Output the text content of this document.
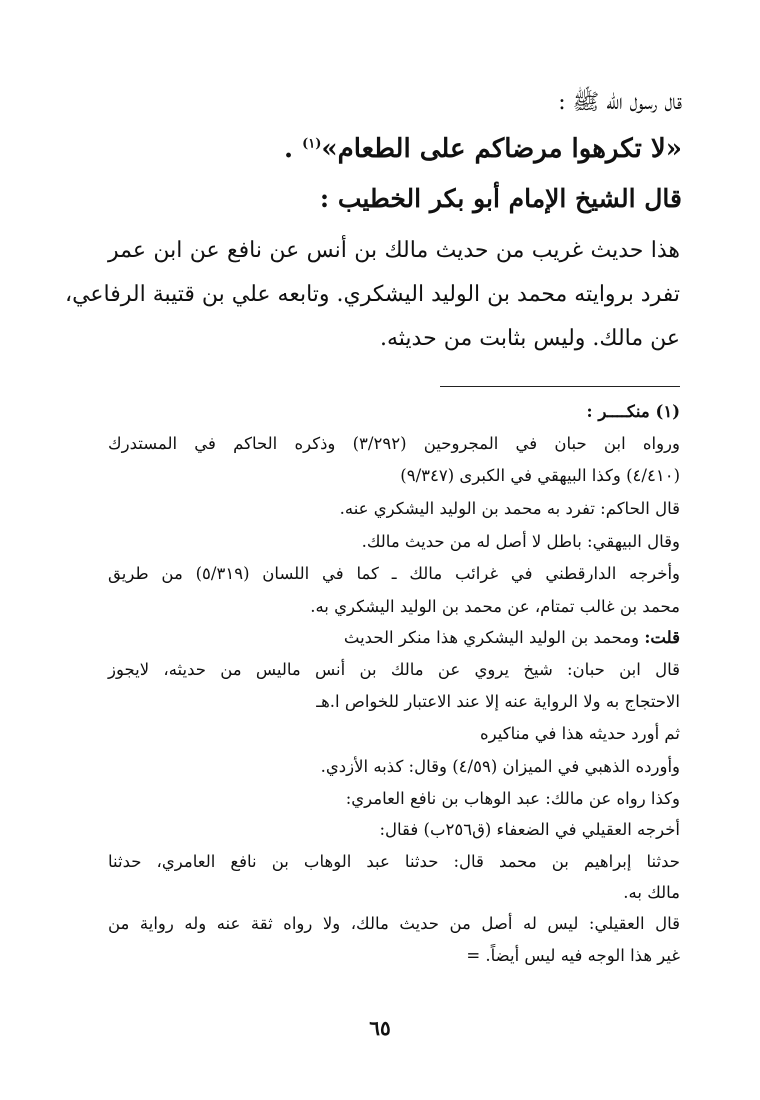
قال رسول الله ﷺ :
«لا تكرهوا مرضاكم على الطعام»$^{(١)}$ .
قال الشيخ الإمام أبو بكر الخطيب :
هذا حديث غريب من حديث مالك بن أنس عن نافع عن ابن عمر
تفرد بروايته محمد بن الوليد اليشكري. وتابعه علي بن قتيبة الرفاعي،
عن مالك. وليس بثابت من حديثه.
(١) منكــــر :
ورواه ابن حبان في المجروحين (٣/٢٩٢) وذكره الحاكم في المستدرك
(٤/٤١٠) وكذا البيهقي في الكبرى (٩/٣٤٧)
قال الحاكم: تفرد به محمد بن الوليد اليشكري عنه.
وقال البيهقي: باطل لا أصل له من حديث مالك.
وأخرجه الدارقطني في غرائب مالك ـ كما في اللسان (٥/٣١٩) من طريق
محمد بن غالب تمتام، عن محمد بن الوليد اليشكري به.
قلت: ومحمد بن الوليد اليشكري هذا منكر الحديث
قال ابن حبان: شيخ يروي عن مالك بن أنس ماليس من حديثه، لايجوز
الاحتجاج به ولا الرواية عنه إلا عند الاعتبار للخواص ا.هـ
ثم أورد حديثه هذا في مناكيره
وأورده الذهبي في الميزان (٤/٥٩) وقال: كذبه الأزدي.
وكذا رواه عن مالك: عبد الوهاب بن نافع العامري:
أخرجه العقيلي في الضعفاء (ق٢٥٦ب) فقال:
حدثنا إبراهيم بن محمد قال: حدثنا عبد الوهاب بن نافع العامري، حدثنا
مالك به.
قال العقيلي: ليس له أصل من حديث مالك، ولا رواه ثقة عنه وله رواية من
غير هذا الوجه فيه ليس أيضاً. =
٦٥
